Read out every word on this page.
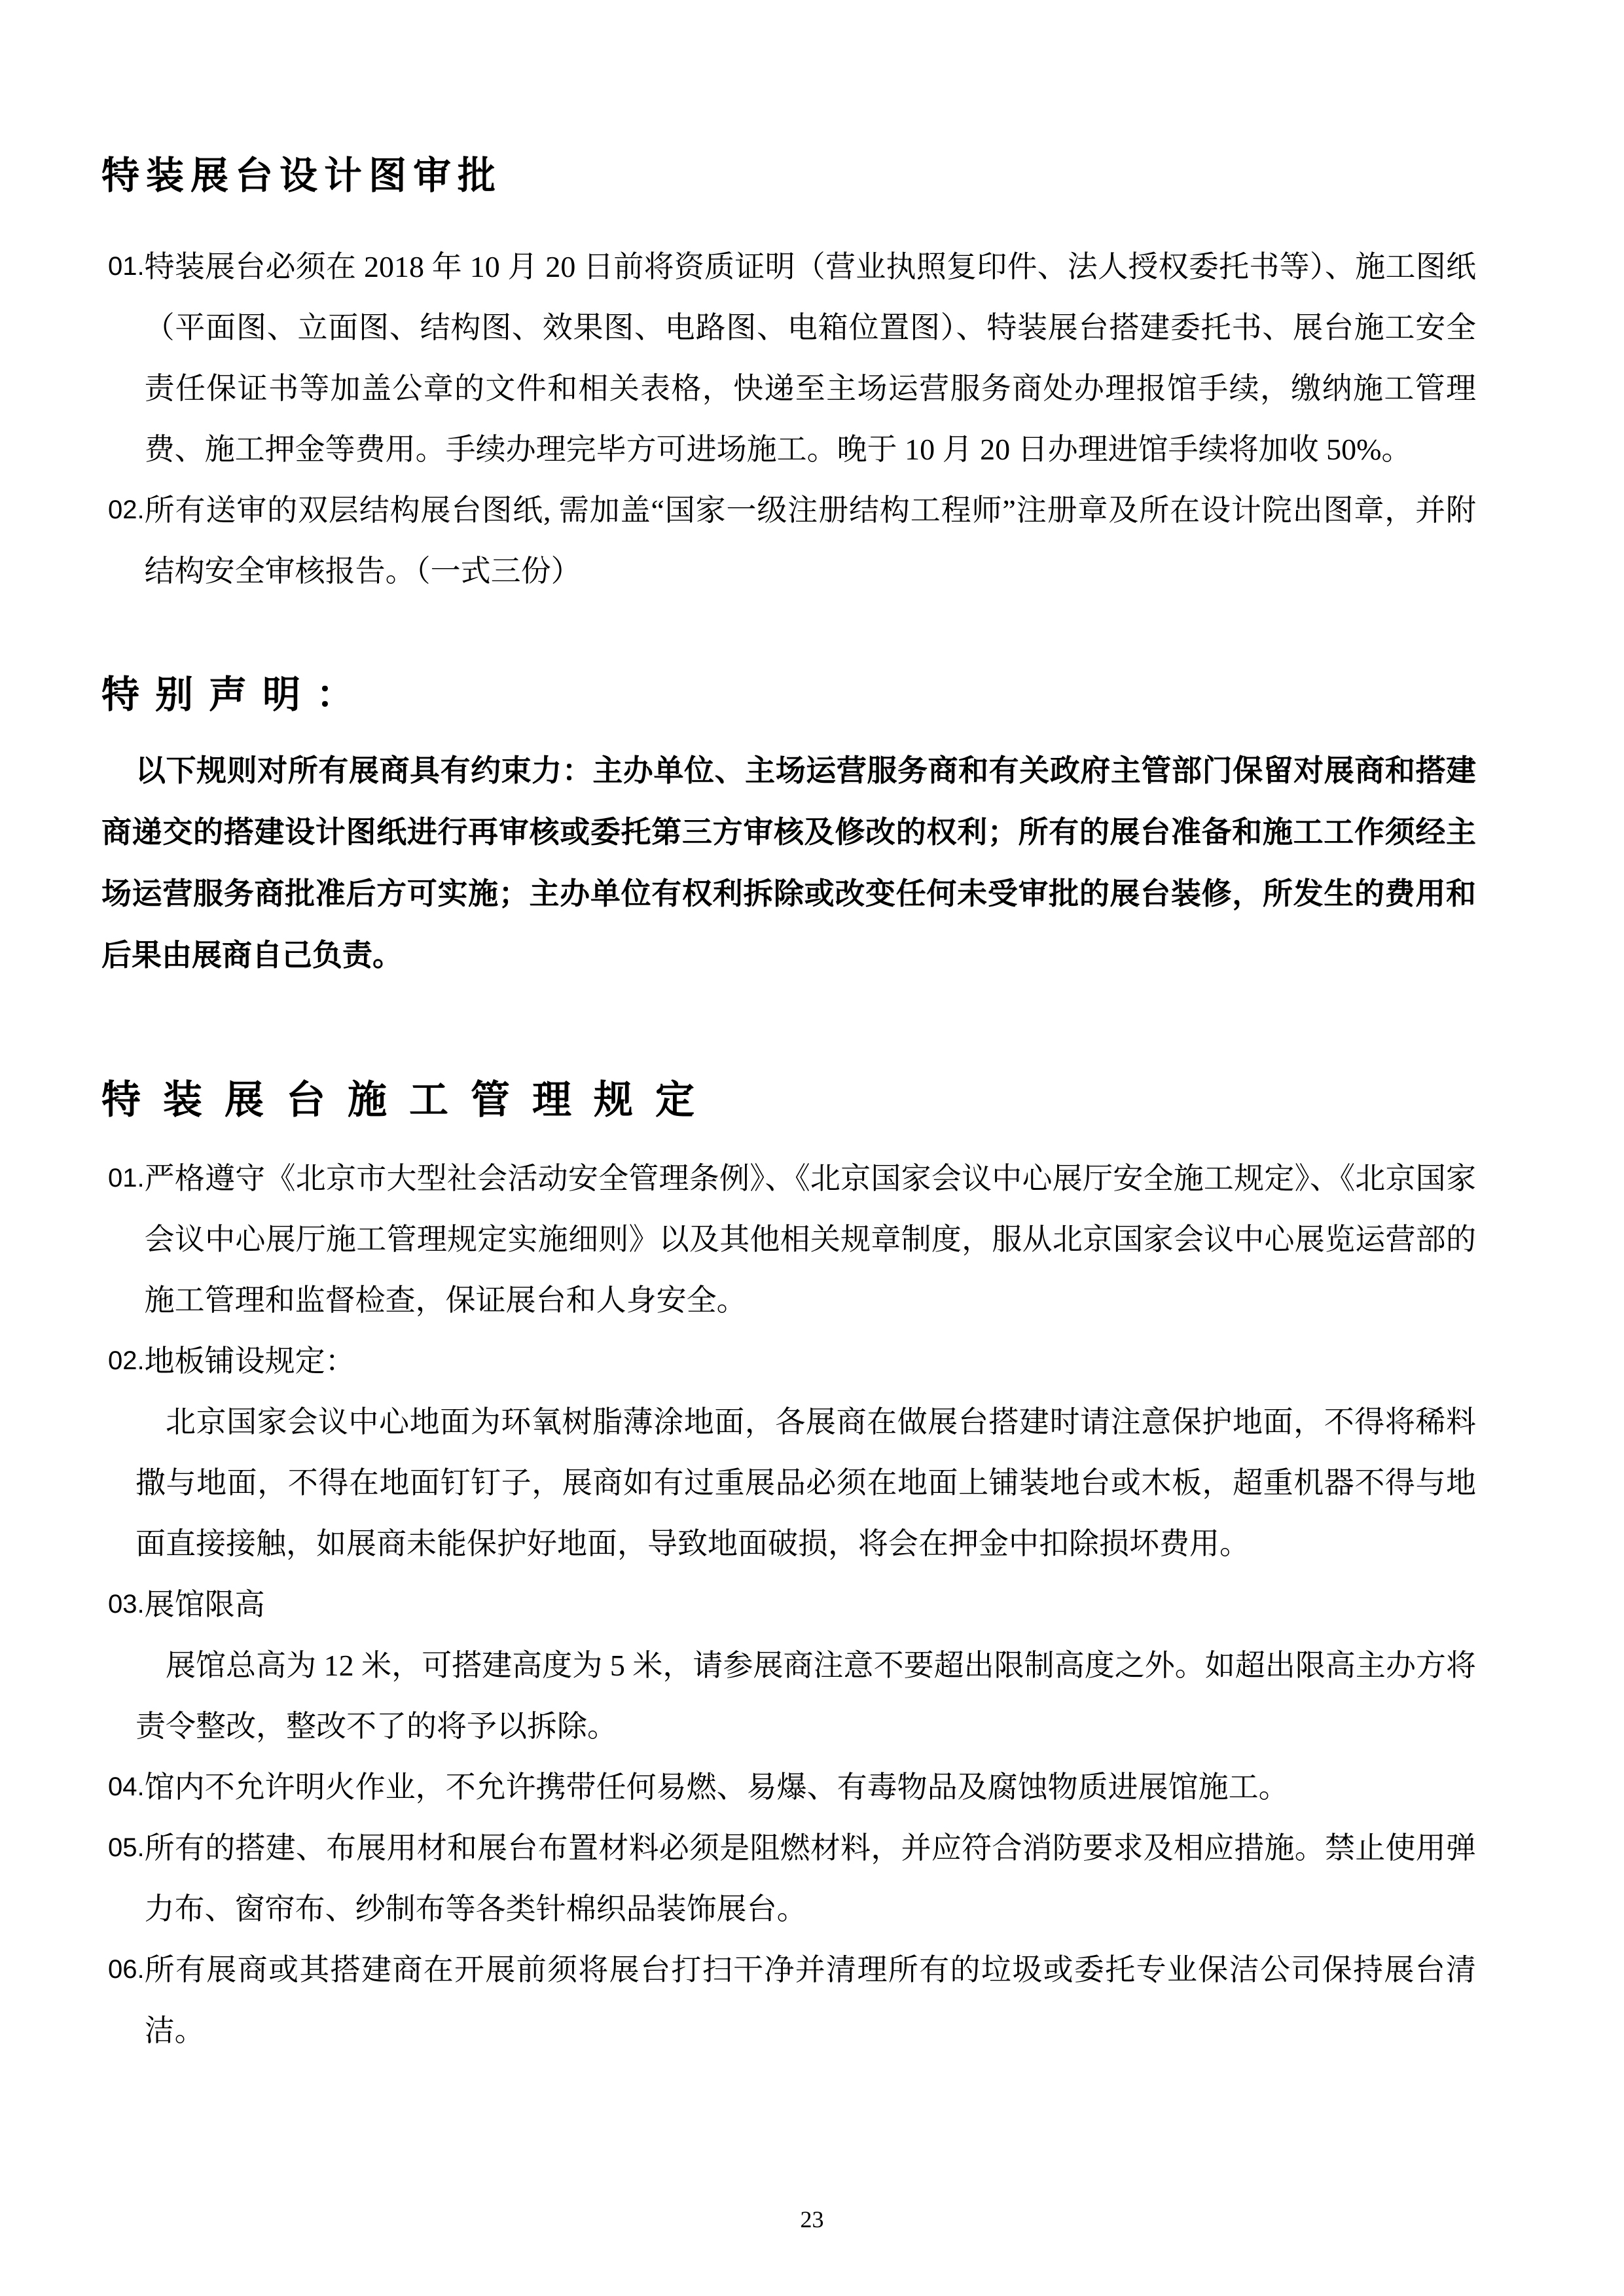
特装展台设计图审批
01. 特装展台必须在 2018 年 10 月 20 日前将资质证明（营业执照复印件、法人授权委托书等）、施工图纸（平面图、立面图、结构图、效果图、电路图、电箱位置图）、特装展台搭建委托书、展台施工安全责任保证书等加盖公章的文件和相关表格，快递至主场运营服务商处办理报馆手续，缴纳施工管理费、施工押金等费用。手续办理完毕方可进场施工。晚于 10 月 20 日办理进馆手续将加收 50%。

02. 所有送审的双层结构展台图纸, 需加盖“国家一级注册结构工程师”注册章及所在设计院出图章，并附结构安全审核报告。（一式三份）

特别声明：

以下规则对所有展商具有约束力：主办单位、主场运营服务商和有关政府主管部门保留对展商和搭建商递交的搭建设计图纸进行再审核或委托第三方审核及修改的权利；所有的展台准备和施工工作须经主场运营服务商批准后方可实施；主办单位有权利拆除或改变任何未受审批的展台装修，所发生的费用和后果由展商自己负责。

特装展台施工管理规定
01. 严格遵守《北京市大型社会活动安全管理条例》、《北京国家会议中心展厅安全施工规定》、《北京国家会议中心展厅施工管理规定实施细则》以及其他相关规章制度，服从北京国家会议中心展览运营部的施工管理和监督检查，保证展台和人身安全。

02. 地板铺设规定：

北京国家会议中心地面为环氧树脂薄涂地面，各展商在做展台搭建时请注意保护地面，不得将稀料撒与地面，不得在地面钉钉子，展商如有过重展品必须在地面上铺装地台或木板，超重机器不得与地面直接接触，如展商未能保护好地面，导致地面破损，将会在押金中扣除损坏费用。

03. 展馆限高

展馆总高为 12 米，可搭建高度为 5 米，请参展商注意不要超出限制高度之外。如超出限高主办方将责令整改，整改不了的将予以拆除。

04. 馆内不允许明火作业，不允许携带任何易燃、易爆、有毒物品及腐蚀物质进展馆施工。

05. 所有的搭建、布展用材和展台布置材料必须是阻燃材料，并应符合消防要求及相应措施。禁止使用弹力布、窗帘布、纱制布等各类针棉织品装饰展台。

06. 所有展商或其搭建商在开展前须将展台打扫干净并清理所有的垃圾或委托专业保洁公司保持展台清洁。

23
